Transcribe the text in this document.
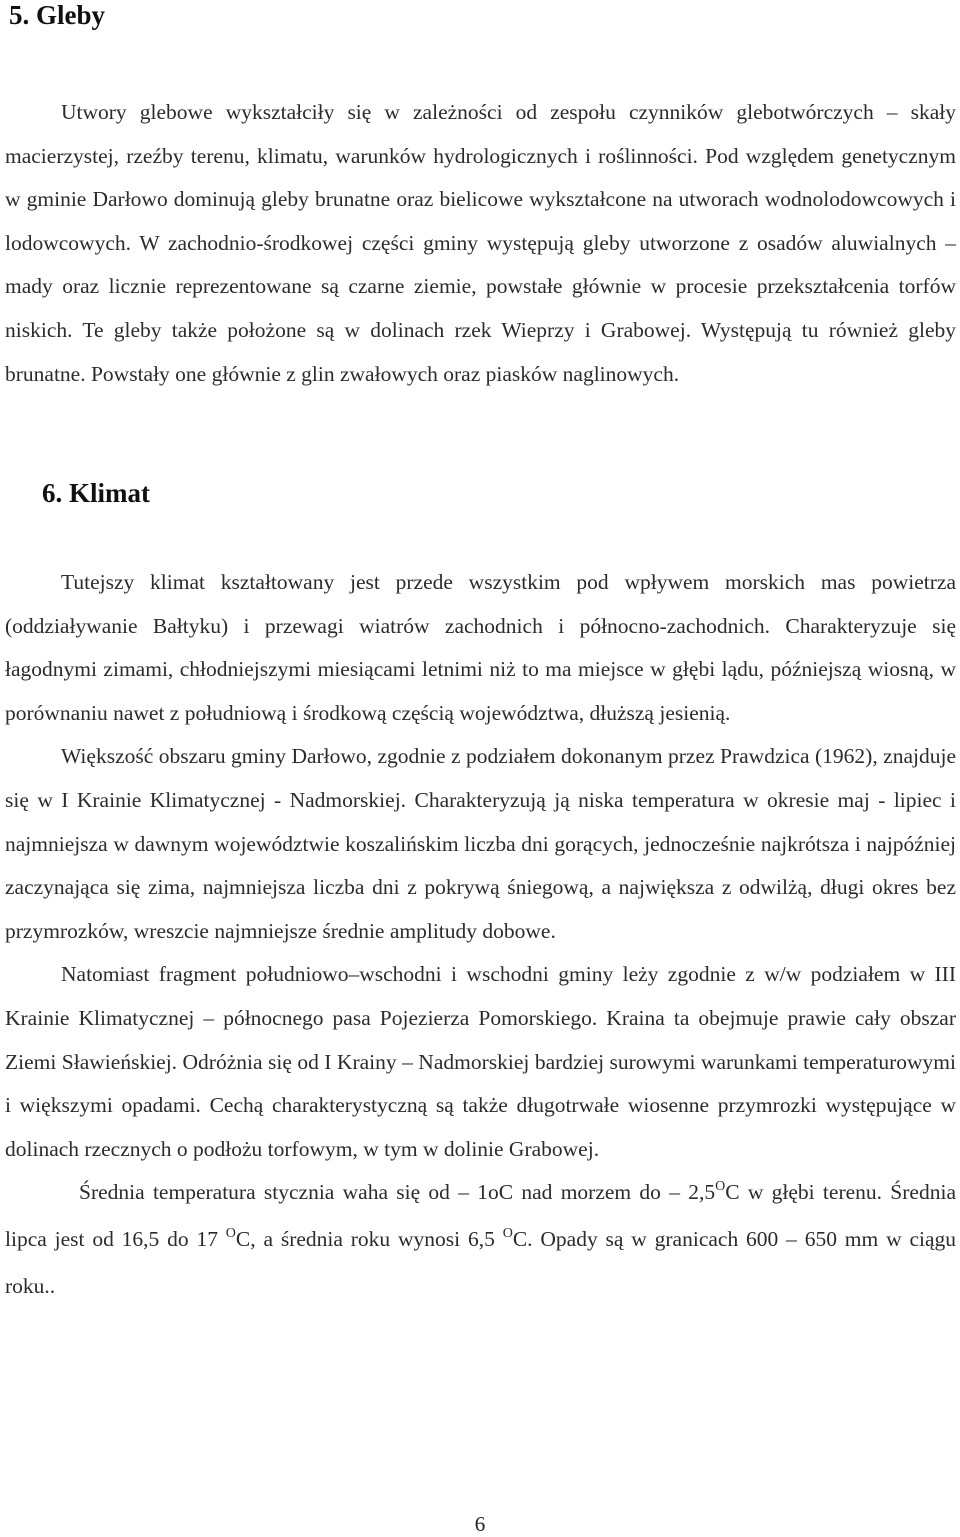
5. Gleby

Utwory glebowe wykształciły się w zależności od zespołu czynników glebotwórczych – skały macierzystej, rzeźby terenu, klimatu, warunków hydrologicznych i roślinności. Pod względem genetycznym w gminie Darłowo dominują gleby brunatne oraz bielicowe wykształcone na utworach wodnolodowcowych i lodowcowych. W zachodnio-środkowej części gminy występują gleby utworzone z osadów aluwialnych – mady oraz licznie reprezentowane są czarne ziemie, powstałe głównie w procesie przekształcenia torfów niskich. Te gleby także położone są w dolinach rzek Wieprzy i Grabowej. Występują tu również gleby brunatne. Powstały one głównie z glin zwałowych oraz piasków naglinowych.

6. Klimat

Tutejszy klimat kształtowany jest przede wszystkim pod wpływem morskich mas powietrza (oddziaływanie Bałtyku) i przewagi wiatrów zachodnich i północno-zachodnich. Charakteryzuje się łagodnymi zimami, chłodniejszymi miesiącami letnimi niż to ma miejsce w głębi lądu, późniejszą wiosną, w porównaniu nawet z południową i środkową częścią województwa, dłuższą jesienią.

Większość obszaru gminy Darłowo, zgodnie z podziałem dokonanym przez Prawdzica (1962), znajduje się w I Krainie Klimatycznej - Nadmorskiej. Charakteryzują ją niska temperatura w okresie maj - lipiec i najmniejsza w dawnym województwie koszalińskim liczba dni gorących, jednocześnie najkrótsza i najpóźniej zaczynająca się zima, najmniejsza liczba dni z pokrywą śniegową, a największa z odwilżą, długi okres bez przymrozków, wreszcie najmniejsze średnie amplitudy dobowe.

Natomiast fragment południowo–wschodni i wschodni gminy leży zgodnie z w/w podziałem w III Krainie Klimatycznej – północnego pasa Pojezierza Pomorskiego. Kraina ta obejmuje prawie cały obszar Ziemi Sławieńskiej. Odróżnia się od I Krainy – Nadmorskiej bardziej surowymi warunkami temperaturowymi i większymi opadami. Cechą charakterystyczną są także długotrwałe wiosenne przymrozki występujące w dolinach rzecznych o podłożu torfowym, w tym w dolinie Grabowej.

Średnia temperatura stycznia waha się od – 1oC nad morzem do – $2,5^OC$ w głębi terenu. Średnia lipca jest od 16,5 do 17 $^O$C, a średnia roku wynosi 6,5 $^O$C. Opady są w granicach 600 – 650 mm w ciągu roku..

6
